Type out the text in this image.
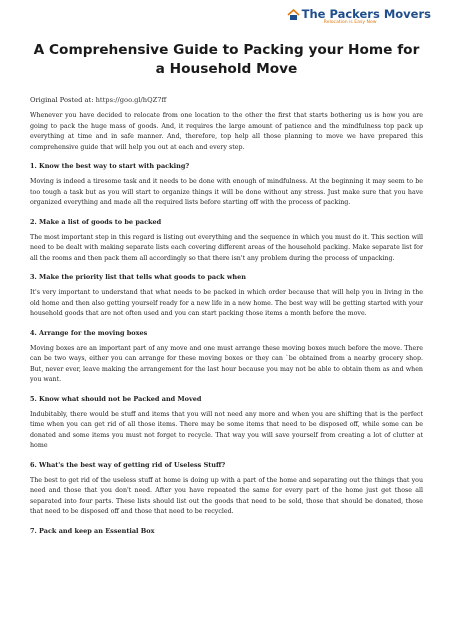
The Packers Movers
Relocation is Easy Now
A Comprehensive Guide to Packing your Home for a Household Move

Original Posted at: https://goo.gl/hQZ7ff

Whenever you have decided to relocate from one location to the other the first that starts bothering us is how you are going to pack the huge mass of goods. And, it requires the large amount of patience and the mindfulness top pack up everything at time and in safe manner. And, therefore, top help all those planning to move we have prepared this comprehensive guide that will help you out at each and every step.

1. Know the best way to start with packing?

Moving is indeed a tiresome task and it needs to be done with enough of mindfulness. At the beginning it may seem to be too tough a task but as you will start to organize things it will be done without any stress. Just make sure that you have organized everything and made all the required lists before starting off with the process of packing.

2. Make a list of goods to be packed

The most important step in this regard is listing out everything and the sequence in which you must do it. This section will need to be dealt with making separate lists each covering different areas of the household packing. Make separate list for all the rooms and then pack them all accordingly so that there isn't any problem during the process of unpacking.

3. Make the priority list that tells what goods to pack when

It's very important to understand that what needs to be packed in which order because that will help you in living in the old home and then also getting yourself ready for a new life in a new home. The best way will be getting started with your household goods that are not often used and you can start packing those items a month before the move.

4. Arrange for the moving boxes

Moving boxes are an important part of any move and one must arrange these moving boxes much before the move. There can be two ways, either you can arrange for these moving boxes or they can `be obtained from a nearby grocery shop. But, never ever, leave making the arrangement for the last hour because you may not be able to obtain them as and when you want.

5. Know what should not be Packed and Moved

Indubitably, there would be stuff and items that you will not need any more and when you are shifting that is the perfect time when you can get rid of all those items. There may be some items that need to be disposed off, while some can be donated and some items you must not forget to recycle. That way you will save yourself from creating a lot of clutter at home

6. What's the best way of getting rid of Useless Stuff?

The best to get rid of the useless stuff at home is doing up with a part of the home and separating out the things that you need and those that you don't need. After you have repeated the same for every part of the home just get those all separated into four parts. These lists should list out the goods that need to be sold, those that should be donated, those that need to be disposed off and those that need to be recycled.

7. Pack and keep an Essential Box
